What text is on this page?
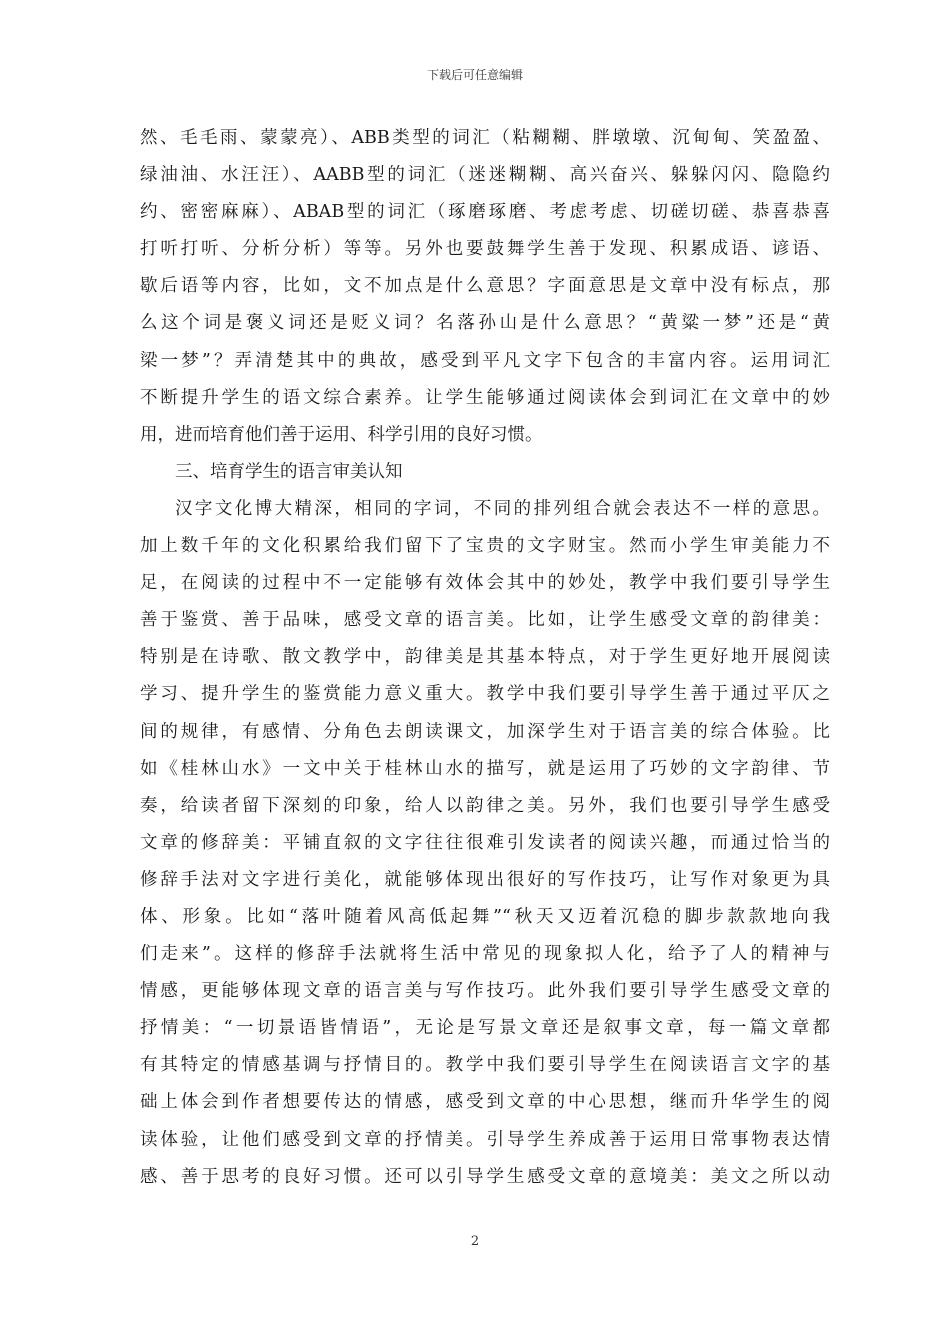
下载后可任意编辑
然、毛毛雨、蒙蒙亮）、ABB类型的词汇（粘糊糊、胖墩墩、沉甸甸、笑盈盈、
绿油油、水汪汪）、AABB型的词汇（迷迷糊糊、高兴奋兴、躲躲闪闪、隐隐约
约、密密麻麻）、ABAB型的词汇（琢磨琢磨、考虑考虑、切磋切磋、恭喜恭喜
打听打听、分析分析）等等。另外也要鼓舞学生善于发现、积累成语、谚语、
歇后语等内容，比如，文不加点是什么意思？字面意思是文章中没有标点，那
么这个词是褒义词还是贬义词？名落孙山是什么意思？“黄粱一梦”还是“黄
梁一梦”？弄清楚其中的典故，感受到平凡文字下包含的丰富内容。运用词汇
不断提升学生的语文综合素养。让学生能够通过阅读体会到词汇在文章中的妙
用，进而培育他们善于运用、科学引用的良好习惯。
三、培育学生的语言审美认知
汉字文化博大精深，相同的字词，不同的排列组合就会表达不一样的意思。
加上数千年的文化积累给我们留下了宝贵的文字财宝。然而小学生审美能力不
足，在阅读的过程中不一定能够有效体会其中的妙处，教学中我们要引导学生
善于鉴赏、善于品味，感受文章的语言美。比如，让学生感受文章的韵律美：
特别是在诗歌、散文教学中，韵律美是其基本特点，对于学生更好地开展阅读
学习、提升学生的鉴赏能力意义重大。教学中我们要引导学生善于通过平仄之
间的规律，有感情、分角色去朗读课文，加深学生对于语言美的综合体验。比
如《桂林山水》一文中关于桂林山水的描写，就是运用了巧妙的文字韵律、节
奏，给读者留下深刻的印象，给人以韵律之美。另外，我们也要引导学生感受
文章的修辞美：平铺直叙的文字往往很难引发读者的阅读兴趣，而通过恰当的
修辞手法对文字进行美化，就能够体现出很好的写作技巧，让写作对象更为具
体、形象。比如“落叶随着风高低起舞”“秋天又迈着沉稳的脚步款款地向我
们走来”。这样的修辞手法就将生活中常见的现象拟人化，给予了人的精神与
情感，更能够体现文章的语言美与写作技巧。此外我们要引导学生感受文章的
抒情美：“一切景语皆情语”，无论是写景文章还是叙事文章，每一篇文章都
有其特定的情感基调与抒情目的。教学中我们要引导学生在阅读语言文字的基
础上体会到作者想要传达的情感，感受到文章的中心思想，继而升华学生的阅
读体验，让他们感受到文章的抒情美。引导学生养成善于运用日常事物表达情
感、善于思考的良好习惯。还可以引导学生感受文章的意境美：美文之所以动
2
